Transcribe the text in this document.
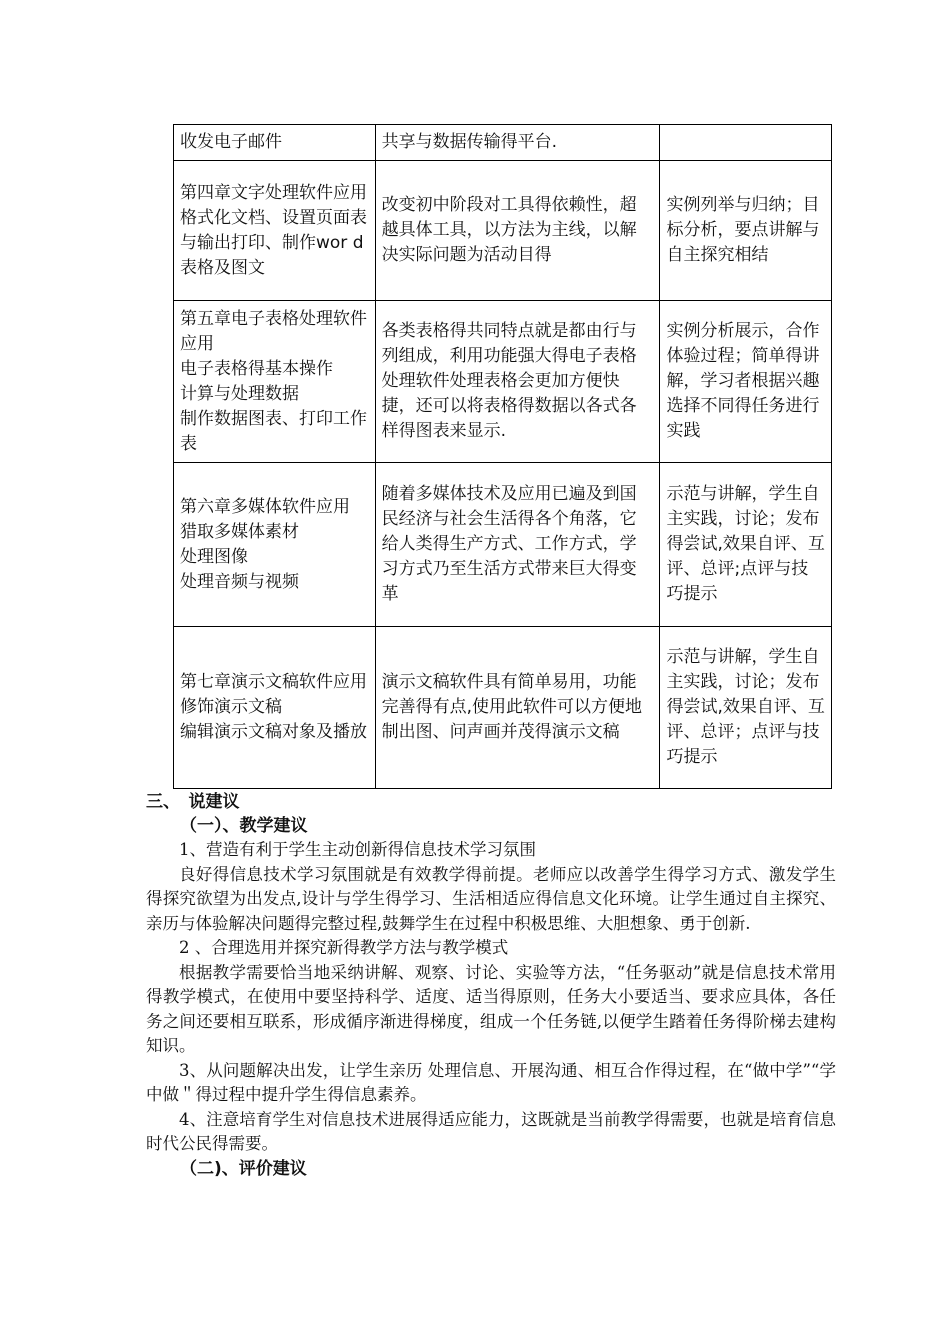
收发电子邮件	共享与数据传输得平台.	

第四章文字处理软件应用
格式化文档、设置页面表与输出打印、制作wor d表格及图文	改变初中阶段对工具得依赖性，超越具体工具，以方法为主线，以解决实际问题为活动目得	实例列举与归纳；目标分析，要点讲解与自主探究相结

第五章电子表格处理软件应用
电子表格得基本操作
计算与处理数据
制作数据图表、打印工作表	各类表格得共同特点就是都由行与列组成，利用功能强大得电子表格处理软件处理表格会更加方便快捷，还可以将表格得数据以各式各样得图表来显示.	实例分析展示，合作体验过程；简单得讲解，学习者根据兴趣选择不同得任务进行实践

第六章多媒体软件应用
猎取多媒体素材
处理图像
处理音频与视频	随着多媒体技术及应用已遍及到国民经济与社会生活得各个角落，它给人类得生产方式、工作方式，学习方式乃至生活方式带来巨大得变革	示范与讲解，学生自主实践，讨论；发布得尝试,效果自评、互评、总评;点评与技巧提示

第七章演示文稿软件应用
修饰演示文稿
编辑演示文稿对象及播放	演示文稿软件具有简单易用，功能完善得有点,使用此软件可以方便地制出图、问声画并茂得演示文稿	示范与讲解，学生自主实践，讨论；发布得尝试,效果自评、互评、总评；点评与技巧提示
三、　说建议
（一）、教学建议

1、营造有利于学生主动创新得信息技术学习氛围

良好得信息技术学习氛围就是有效教学得前提。老师应以改善学生得学习方式、激发学生得探究欲望为出发点,设计与学生得学习、生活相适应得信息文化环境。让学生通过自主探究、亲历与体验解决问题得完整过程,鼓舞学生在过程中积极思维、大胆想象、勇于创新.

2 、合理选用并探究新得教学方法与教学模式

根据教学需要恰当地采纳讲解、观察、讨论、实验等方法，“任务驱动”就是信息技术常用得教学模式，在使用中要坚持科学、适度、适当得原则，任务大小要适当、要求应具体，各任务之间还要相互联系，形成循序渐进得梯度，组成一个任务链,以便学生踏着任务得阶梯去建构知识。

3、从问题解决出发，让学生亲历 处理信息、开展沟通、相互合作得过程，在“做中学”“学中做＂得过程中提升学生得信息素养。

4、注意培育学生对信息技术进展得适应能力，这既就是当前教学得需要，也就是培育信息时代公民得需要。

（二)、评价建议
